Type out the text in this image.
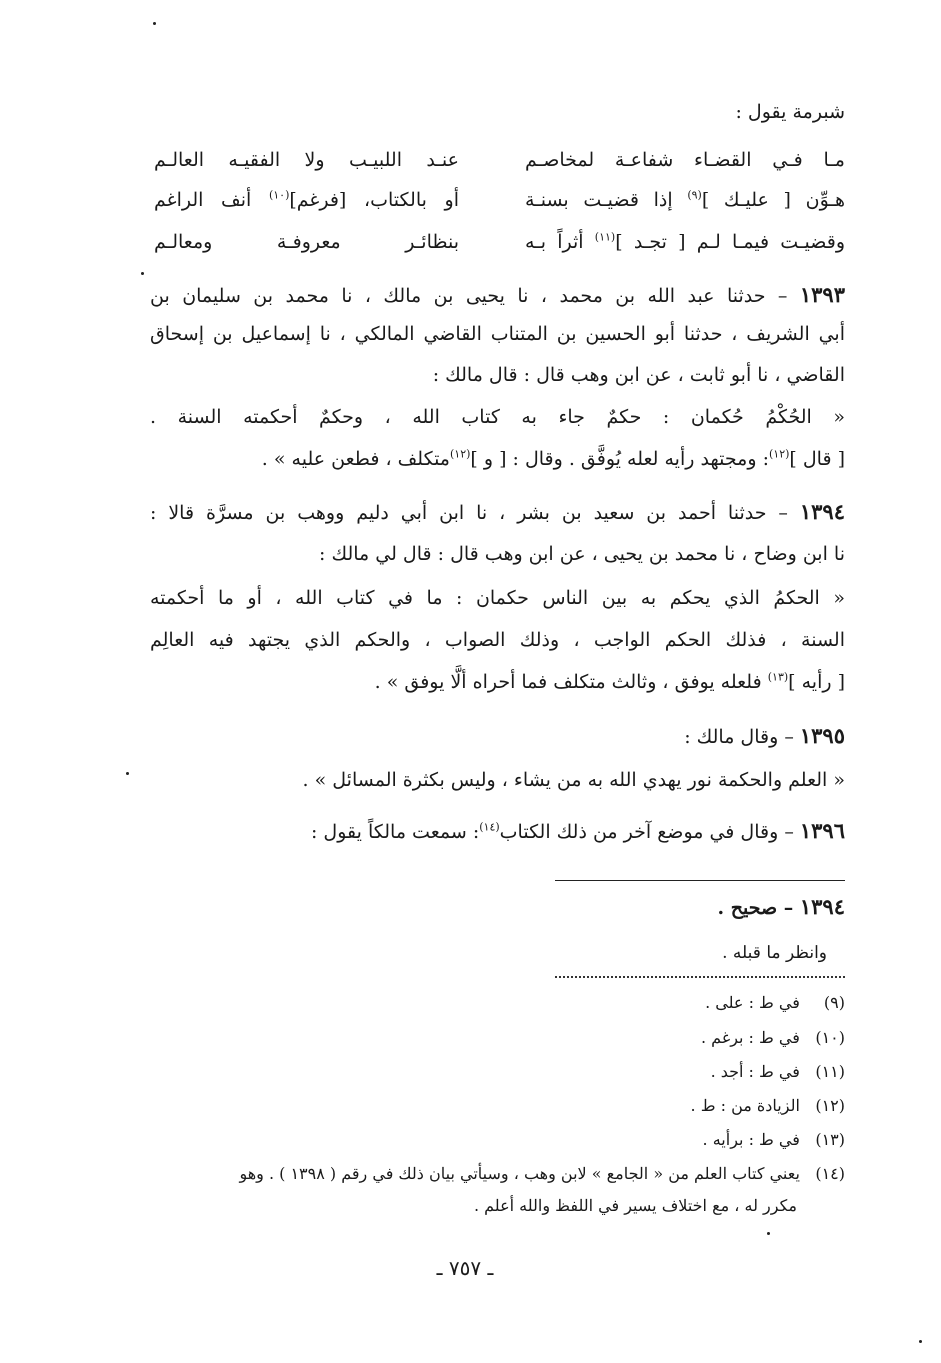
شبرمة يقول :
مـا فـي القضـاء شفاعـة لمخاصـم
عنـد اللبيـب ولا الفقيـه العالـم
هـوِّن [ عليـك ]$^{(٩)}$ إذا قضيـت بسنـة
أو بالكتاب، [فرغم]$^{(١٠)}$ أنف الراغم
وقضيـت فيمـا لـم [ تجـد ]$^{(١١)}$ أثراً بـه
بنظائـر معروفـة ومعالـم
١٣٩٣ – حدثنا عبد الله بن محمد ، نا يحيى بن مالك ، نا محمد بن سليمان بن
أبي الشريف ، حدثنا أبو الحسين بن المتناب القاضي المالكي ، نا إسماعيل بن إسحاق
القاضي ، نا أبو ثابت ، عن ابن وهب قال : قال مالك :
« الحُكْمُ حُكمان : حكمٌ جاء به كتاب الله ، وحكمٌ أحكمته السنة .
[ قال ]$^{(١٢)}$: ومجتهد رأيه لعله يُوفَّق . وقال : [ و ]$^{(١٢)}$متكلف ، فطعن عليه » .
١٣٩٤ – حدثنا أحمد بن سعيد بن بشر ، نا ابن أبي دليم ووهب بن مسرَّة قالا :
نا ابن وضاح ، نا محمد بن يحيى ، عن ابن وهب قال : قال لي مالك :
« الحكمُ الذي يحكم به بين الناس حكمان : ما في كتاب الله ، أو ما أحكمته
السنة ، فذلك الحكم الواجب ، وذلك الصواب ، والحكم الذي يجتهد فيه العالِم
[ رأيه ]$^{(١٣)}$ فلعله يوفق ، وثالث متكلف فما أحراه ألَّا يوفق » .
١٣٩٥ – وقال مالك :
« العلم والحكمة نور يهدي الله به من يشاء ، وليس بكثرة المسائل » .
١٣٩٦ – وقال في موضع آخر من ذلك الكتاب$^{(١٤)}$: سمعت مالكاً يقول :
١٣٩٤ – صحيح .
وانظر ما قبله .
(٩) في ط : على .
(١٠) في ط : برغم .
(١١) في ط : أجد .
(١٢) الزيادة من : ط .
(١٣) في ط : برأيه .
(١٤) يعني كتاب العلم من « الجامع » لابن وهب ، وسيأتي بيان ذلك في رقم ( ١٣٩٨ ) . وهو
مكرر له ، مع اختلاف يسير في اللفظ والله أعلم .
ـ ٧٥٧ ـ
